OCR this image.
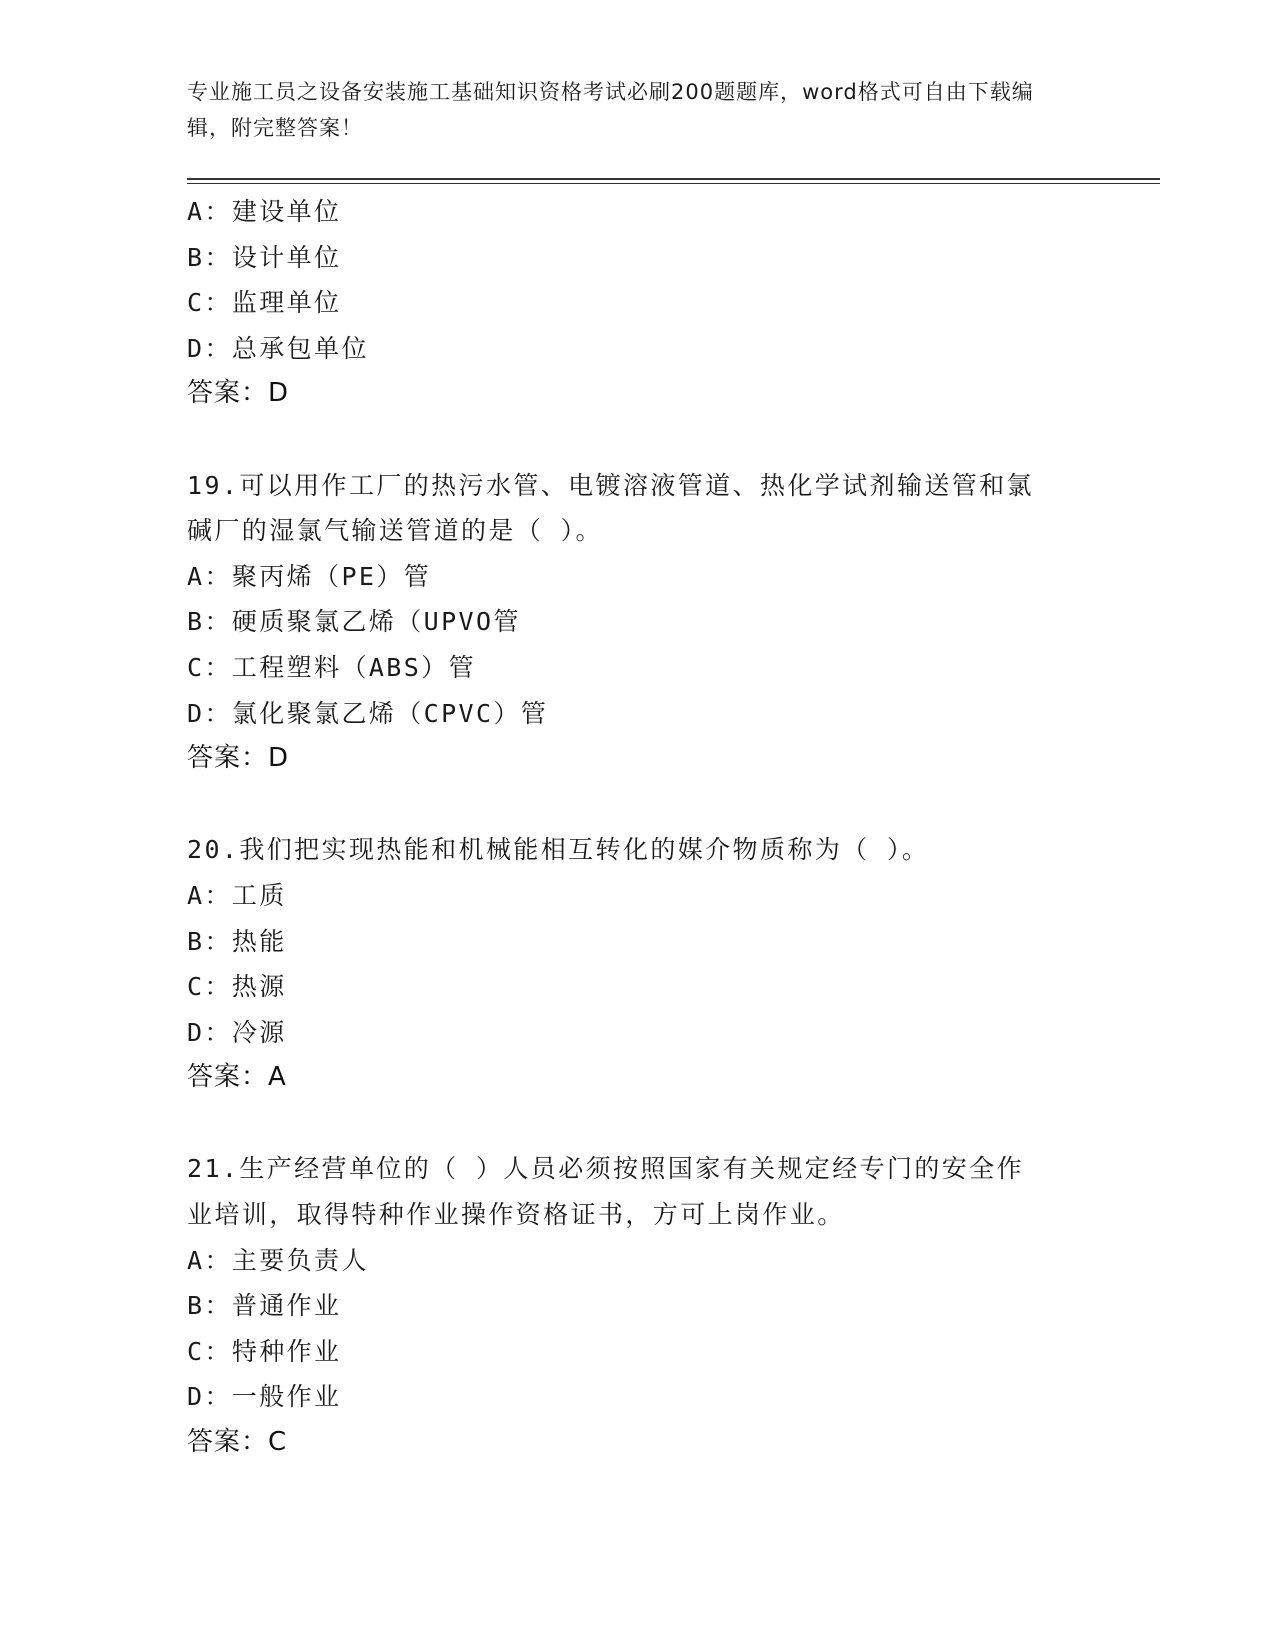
专业施工员之设备安装施工基础知识资格考试必刷200题题库，word格式可自由下载编辑，附完整答案！
A：建设单位
B：设计单位
C：监理单位
D：总承包单位
答案：D
19.可以用作工厂的热污水管、电镀溶液管道、热化学试剂输送管和氯
碱厂的湿氯气输送管道的是（ ）。
A：聚丙烯（PE）管
B：硬质聚氯乙烯（UPVO管
C：工程塑料（ABS）管
D：氯化聚氯乙烯（CPVC）管
答案：D
20.我们把实现热能和机械能相互转化的媒介物质称为（ ）。
A：工质
B：热能
C：热源
D：冷源
答案：A
21.生产经营单位的（ ）人员必须按照国家有关规定经专门的安全作
业培训，取得特种作业操作资格证书，方可上岗作业。
A：主要负责人
B：普通作业
C：特种作业
D：一般作业
答案：C
